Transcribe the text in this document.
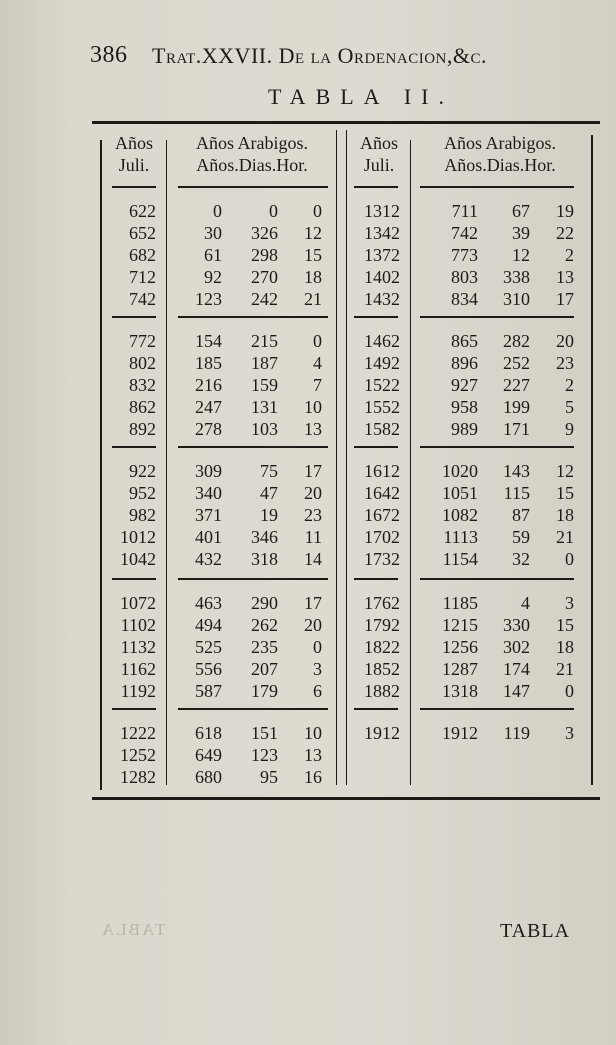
386 Trat.XXVII. De la Ordenacion,&c.
TABLA II.
Años
Juli.
Años Arabigos.
Años.Dias.Hor.
Años
Juli.
Años Arabigos.
Años.Dias.Hor.
622	0	0	0
652	30	326	12
682	61	298	15
712	92	270	18
742	123	242	21
772	154	215	0
802	185	187	4
832	216	159	7
862	247	131	10
892	278	103	13
922	309	75	17
952	340	47	20
982	371	19	23
1012	401	346	11
1042	432	318	14
1072	463	290	17
1102	494	262	20
1132	525	235	0
1162	556	207	3
1192	587	179	6
1222	618	151	10
1252	649	123	13
1282	680	95	16
1312	711	67	19
1342	742	39	22
1372	773	12	2
1402	803	338	13
1432	834	310	17
1462	865	282	20
1492	896	252	23
1522	927	227	2
1552	958	199	5
1582	989	171	9
1612	1020	143	12
1642	1051	115	15
1672	1082	87	18
1702	1113	59	21
1732	1154	32	0
1762	1185	4	3
1792	1215	330	15
1822	1256	302	18
1852	1287	174	21
1882	1318	147	0
1912	1912	119	3
TABLA	TABLA
